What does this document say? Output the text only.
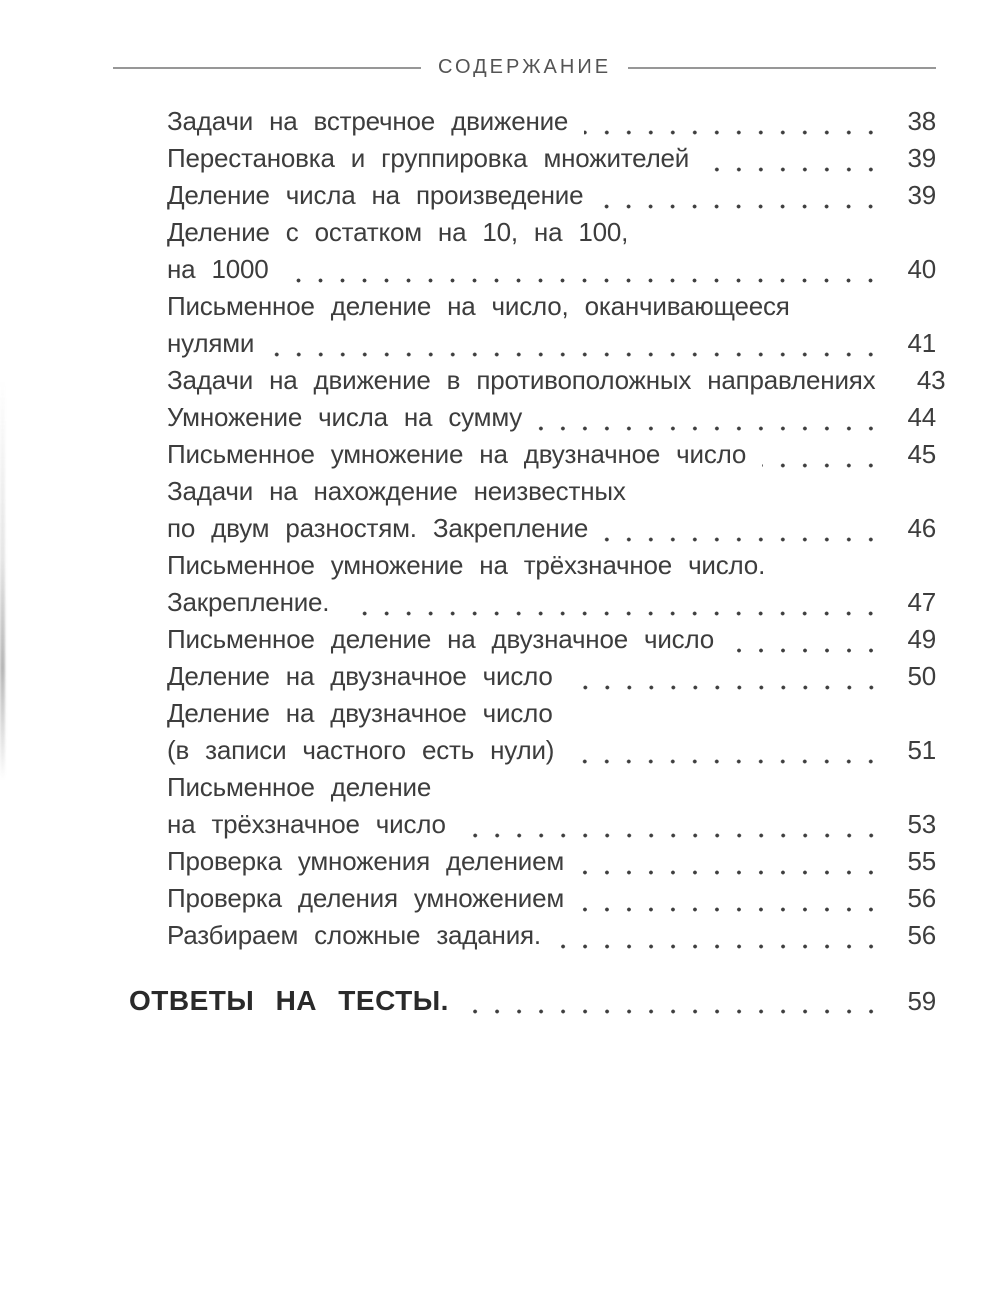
СОДЕРЖАНИЕ
Задачи на встречное движение	38
Перестановка и группировка множителей	39
Деление числа на произведение	39
Деление с остатком на 10, на 100,
на 1000	40
Письменное деление на число, оканчивающееся
нулями	41
Задачи на движение в противоположных направлениях	43
Умножение числа на сумму	44
Письменное умножение на двузначное число	45
Задачи на нахождение неизвестных
по двум разностям. Закрепление	46
Письменное умножение на трёхзначное число.
Закрепление.	47
Письменное деление на двузначное число	49
Деление на двузначное число	50
Деление на двузначное число
(в записи частного есть нули)	51
Письменное деление
на трёхзначное число	53
Проверка умножения делением	55
Проверка деления умножением	56
Разбираем сложные задания.	56
ОТВЕТЫ НА ТЕСТЫ.	59
